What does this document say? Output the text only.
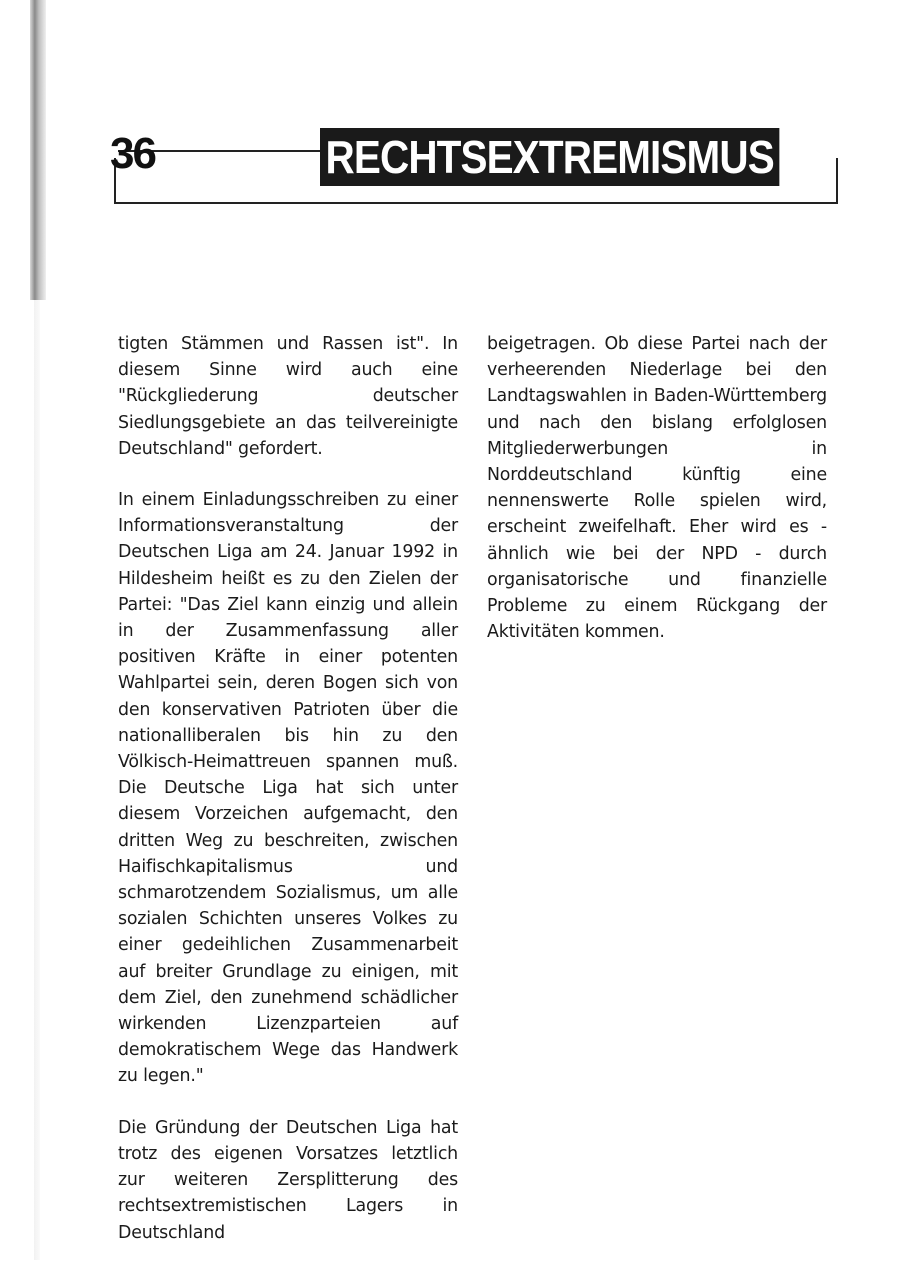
36	RECHTSEXTREMISMUS

tigten Stämmen und Rassen ist". In diesem Sinne wird auch eine "Rückgliederung deutscher Siedlungsgebiete an das teilvereinigte Deutschland" gefordert.

In einem Einladungsschreiben zu einer Informationsveranstaltung der Deutschen Liga am 24. Januar 1992 in Hildesheim heißt es zu den Zielen der Partei: "Das Ziel kann einzig und allein in der Zusammenfassung aller positiven Kräfte in einer potenten Wahlpartei sein, deren Bogen sich von den konservativen Patrioten über die nationalliberalen bis hin zu den Völkisch-Heimattreuen spannen muß. Die Deutsche Liga hat sich unter diesem Vorzeichen aufgemacht, den dritten Weg zu beschreiten, zwischen Haifischkapitalismus und schmarotzendem Sozialismus, um alle sozialen Schichten unseres Volkes zu einer gedeihlichen Zusammenarbeit auf breiter Grundlage zu einigen, mit dem Ziel, den zunehmend schädlicher wirkenden Lizenzparteien auf demokratischem Wege das Handwerk zu legen."

Die Gründung der Deutschen Liga hat trotz des eigenen Vorsatzes letztlich zur weiteren Zersplitterung des rechtsextremistischen Lagers in Deutschland

beigetragen. Ob diese Partei nach der verheerenden Niederlage bei den Landtagswahlen in Baden-Württemberg und nach den bislang erfolglosen Mitgliederwerbungen in Norddeutschland künftig eine nennenswerte Rolle spielen wird, erscheint zweifelhaft. Eher wird es - ähnlich wie bei der NPD - durch organisatorische und finanzielle Probleme zu einem Rückgang der Aktivitäten kommen.
